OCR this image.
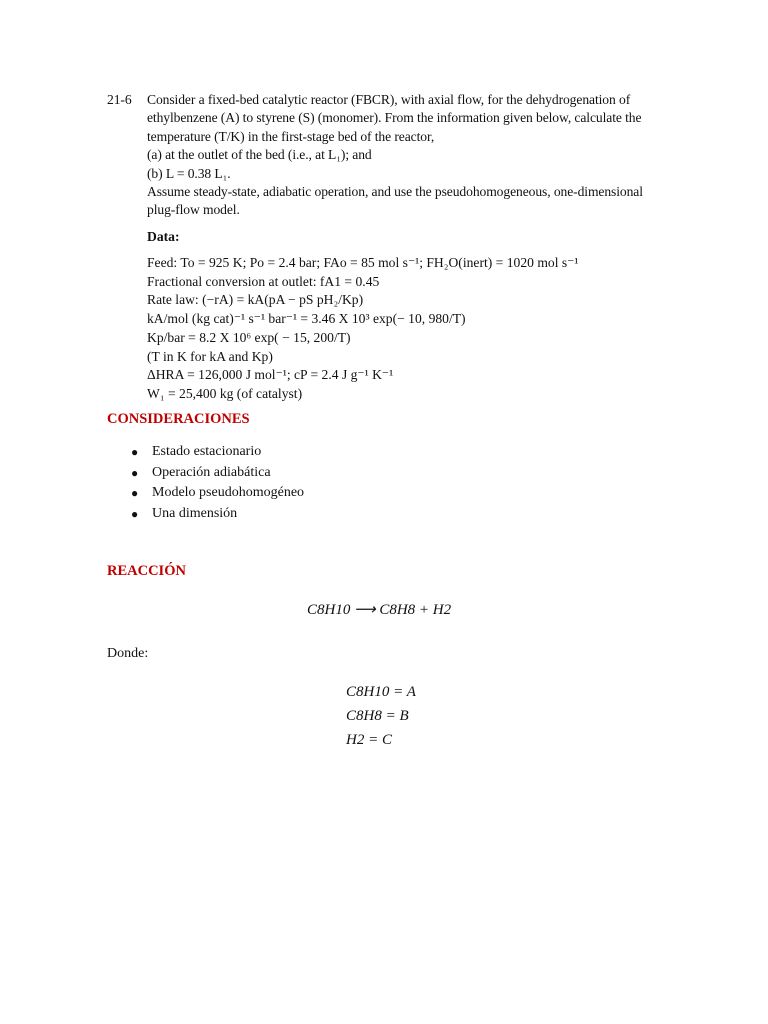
21-6 Consider a fixed-bed catalytic reactor (FBCR), with axial flow, for the dehydrogenation of

ethylbenzene (A) to styrene (S) (monomer). From the information given below, calculate the

temperature (T/K) in the first-stage bed of the reactor,

(a) at the outlet of the bed (i.e., at L₁); and

(b) L = 0.38 L₁.

Assume steady-state, adiabatic operation, and use the pseudohomogeneous, one-dimensional

plug-flow model.

Data:
Feed: To = 925 K; Po = 2.4 bar; FAo = 85 mol s⁻¹; FH₂O(inert) = 1020 mol s⁻¹
Fractional conversion at outlet: fA1 = 0.45
Rate law: (−rA) = kA(pA − pS pH₂/Kp)
kA/mol (kg cat)⁻¹ s⁻¹ bar⁻¹ = 3.46 X 10³ exp(− 10, 980/T)
Kp/bar = 8.2 X 10⁶ exp( − 15, 200/T)
(T in K for kA and Kp)
ΔHRA = 126,000 J mol⁻¹; cP = 2.4 J g⁻¹ K⁻¹
W₁ = 25,400 kg (of catalyst)
CONSIDERACIONES
● Estado estacionario
● Operación adiabática
● Modelo pseudohomogéneo
● Una dimensión
REACCIÓN
C8H10 ⟶ C8H8 + H2
Donde:
C8H10 = A
C8H8 = B
H2 = C
